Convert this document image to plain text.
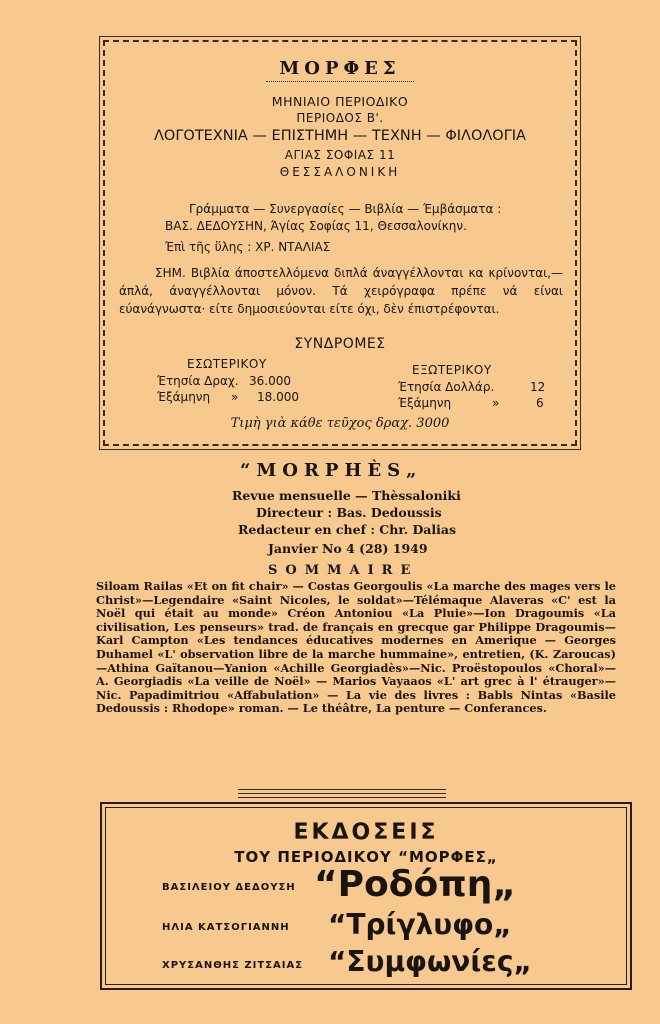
ΜΟΡΦΕΣ
ΜΗΝΙΑΙΟ ΠΕΡΙΟΔΙΚΟ
ΠΕΡΙΟΔΟΣ Β'.
ΛΟΓΟΤΕΧΝΙΑ — ΕΠΙΣΤΗΜΗ — ΤΕΧΝΗ — ΦΙΛΟΛΟΓΙΑ
ΑΓΙΑΣ ΣΟΦΙΑΣ 11
ΘΕΣΣΑΛΟΝΙΚΗ
Γράμματα — Συνεργασίες — Βιβλία — Έμβάσματα :
ΒΑΣ. ΔΕΔΟΥΣΗΝ, Άγίας Σοφίας 11, Θεσσαλονίκην.
Έπὶ τῆς ὕλης : ΧΡ. ΝΤΑΛΙΑΣ
ΣΗΜ. Βιβλία άποστελλόμενα διπλά άναγγέλλονται κα κρίνονται,—άπλά, άναγγέλλονται μόνον. Τά χειρόγραφα πρέπε νά είναι εύανάγνωστα· είτε δημοσιεύονται είτε όχι, δὲν έπιστρέφονται.
ΣΥΝΔΡΟΜΕΣ
ΕΣΩΤΕΡΙΚΟΥ
Έτησία Δραχ. 36.000
Έξάμηνη	»	18.000
ΕΞΩΤΕΡΙΚΟΥ
Έτησία Δολλάρ.	12
Έξάμηνη	»	6
Τιμὴ γιὰ κάθε τεῦχος δραχ. 3000
“MORPHÈS„
Revue mensuelle — Thèssaloniki
Directeur : Bas. Dedoussis
Redacteur en chef : Chr. Dalias
Janvier No 4 (28) 1949
SOMMAIRE
Siloam Railas «Et on fit chair» — Costas Georgoulis «La marche des mages vers le Christ»—Legendaire «Saint Nicoles, le soldat»—Télémaque Alaveras «C' est la Noël qui était au monde» Créon Antoniou «La Pluie»—Ion Dragoumis «La civilisation, Les penseurs» trad. de français en grecque gar Philippe Dragoumis—Karl Campton «Les tendances éducatives modernes en Amerique — Georges Duhamel «L' observation libre de la marche hummaine», entretien, (K. Zaroucas)—Athina Gaïtanou—Yanion «Achille Georgiadès»—Nic. Proëstopoulos «Choral»—A. Georgiadis «La veille de Noël» — Marios Vayaaos «L' art grec à l' étrauger»—Nic. Papadimitriou «Affabulation» — La vie des livres : Babls Nintas «Basile Dedoussis : Rhodope» roman. — Le théâtre, La penture — Conferances.
ΕΚΔΟΣΕΙΣ
ΤΟΥ ΠΕΡΙΟΔΙΚΟΥ “ΜΟΡΦΕΣ„
ΒΑΣΙΛΕΙΟΥ ΔΕΔΟΥΣΗ “Ροδόπη„
ΗΛΙΑ ΚΑΤΣΟΓΙΑΝΝΗ “Τρίγλυφο„
ΧΡΥΣΑΝΘΗΣ ΖΙΤΣΑΙΑΣ “Συμφωνίες„
